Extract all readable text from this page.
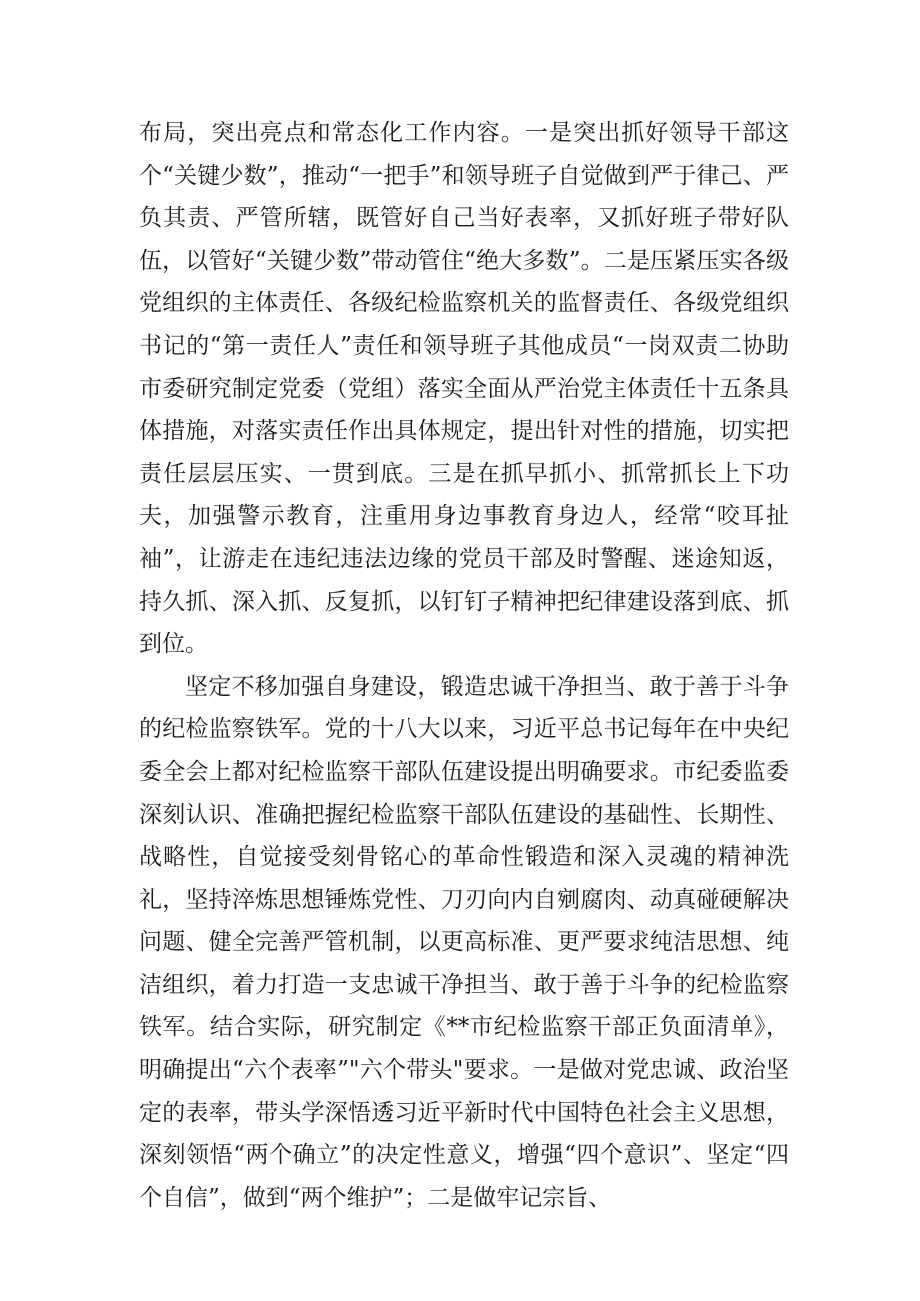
布局，突出亮点和常态化工作内容。一是突出抓好领导干部这个“关键少数”，推动“一把手”和领导班子自觉做到严于律己、严负其责、严管所辖，既管好自己当好表率，又抓好班子带好队伍，以管好“关键少数”带动管住“绝大多数”。二是压紧压实各级党组织的主体责任、各级纪检监察机关的监督责任、各级党组织书记的“第一责任人”责任和领导班子其他成员“一岗双责二协助市委研究制定党委（党组）落实全面从严治党主体责任十五条具体措施，对落实责任作出具体规定，提出针对性的措施，切实把责任层层压实、一贯到底。三是在抓早抓小、抓常抓长上下功夫，加强警示教育，注重用身边事教育身边人，经常“咬耳扯袖”，让游走在违纪违法边缘的党员干部及时警醒、迷途知返，持久抓、深入抓、反复抓，以钉钉子精神把纪律建设落到底、抓到位。

坚定不移加强自身建设，锻造忠诚干净担当、敢于善于斗争的纪检监察铁军。党的十八大以来，习近平总书记每年在中央纪委全会上都对纪检监察干部队伍建设提出明确要求。市纪委监委深刻认识、准确把握纪检监察干部队伍建设的基础性、长期性、战略性，自觉接受刻骨铭心的革命性锻造和深入灵魂的精神洗礼，坚持淬炼思想锤炼党性、刀刃向内自剜腐肉、动真碰硬解决问题、健全完善严管机制，以更高标准、更严要求纯洁思想、纯洁组织，着力打造一支忠诚干净担当、敢于善于斗争的纪检监察铁军。结合实际，研究制定《**市纪检监察干部正负面清单》，明确提出“六个表率”"六个带头"要求。一是做对党忠诚、政治坚定的表率，带头学深悟透习近平新时代中国特色社会主义思想，深刻领悟“两个确立”的决定性意义，增强“四个意识”、坚定“四个自信”，做到“两个维护”；二是做牢记宗旨、
